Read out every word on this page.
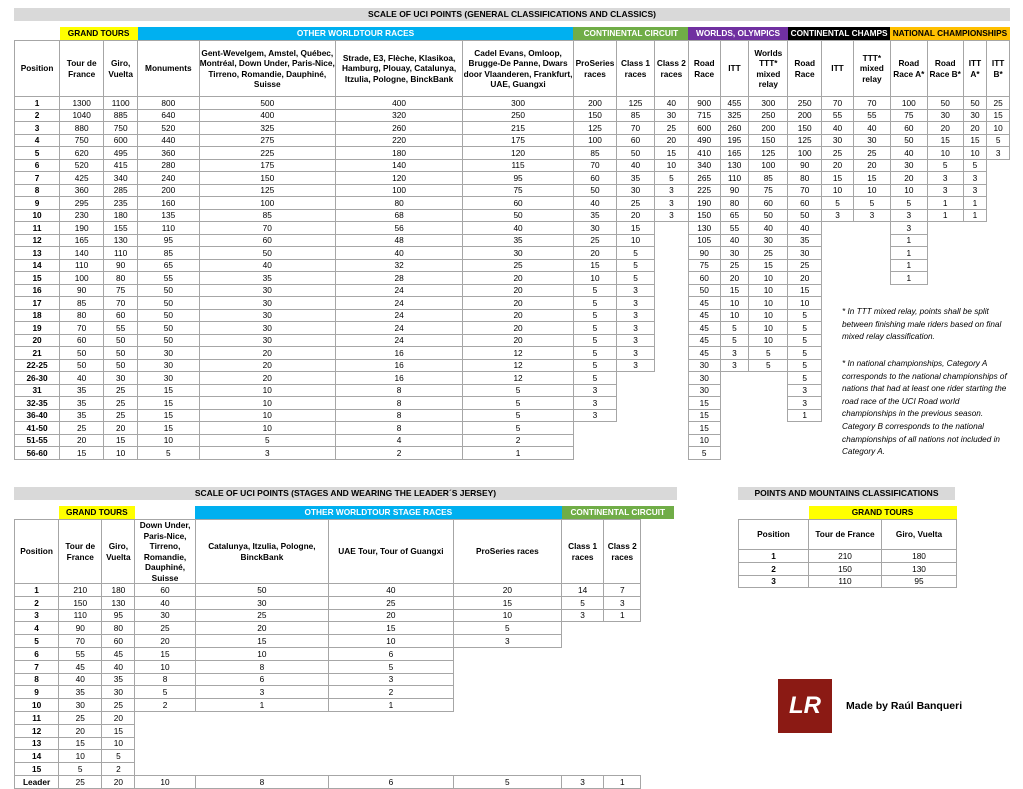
SCALE OF UCI POINTS (GENERAL CLASSIFICATIONS AND CLASSICS)
	GRAND TOURS		OTHER WORLDTOUR RACES				CONTINENTAL CIRCUIT			WORLDS, OLYMPICS			CONTINENTAL CHAMPS			NATIONAL CHAMPIONSHIPS			
Position	Tour de France	Giro, Vuelta	Monuments	Gent-Wevelgem, Amstel, Québec, Montréal, Down Under, Paris-Nice, Tirreno, Romandie, Dauphiné, Suisse	Strade, E3, Flèche, Klasikoa, Hamburg, Plouay, Catalunya, Itzulia, Pologne, BinckBank	Cadel Evans, Omloop, Brugge-De Panne, Dwars door Vlaanderen, Frankfurt, UAE, Guangxi	ProSeries races	Class 1 races	Class 2 races	Road Race	ITT	Worlds TTT* mixed relay	Road Race	ITT	TTT* mixed relay	Road Race A*	Road Race B*	ITT A*	ITT B*
1	1300	1100	800	500	400	300	200	125	40	900	455	300	250	70	70	100	50	50	25
2	1040	885	640	400	320	250	150	85	30	715	325	250	200	55	55	75	30	30	15
3	880	750	520	325	260	215	125	70	25	600	260	200	150	40	40	60	20	20	10
4	750	600	440	275	220	175	100	60	20	490	195	150	125	30	30	50	15	15	5
5	620	495	360	225	180	120	85	50	15	410	165	125	100	25	25	40	10	10	3
6	520	415	280	175	140	115	70	40	10	340	130	100	90	20	20	30	5	5	
7	425	340	240	150	120	95	60	35	5	265	110	85	80	15	15	20	3	3	
8	360	285	200	125	100	75	50	30	3	225	90	75	70	10	10	10	3	3	
9	295	235	160	100	80	60	40	25	3	190	80	60	60	5	5	5	1	1	
10	230	180	135	85	68	50	35	20	3	150	65	50	50	3	3	3	1	1	
11	190	155	110	70	56	40	30	15		130	55	40	40			3			
12	165	130	95	60	48	35	25	10		105	40	30	35			1			
13	140	110	85	50	40	30	20	5		90	30	25	30			1			
14	110	90	65	40	32	25	15	5		75	25	15	25			1			
15	100	80	55	35	28	20	10	5		60	20	10	20			1			
16	90	75	50	30	24	20	5	3		50	15	10	15						
17	85	70	50	30	24	20	5	3		45	10	10	10						
18	80	60	50	30	24	20	5	3		45	10	10	5						
19	70	55	50	30	24	20	5	3		45	5	10	5						
20	60	50	50	30	24	20	5	3		45	5	10	5						
21	50	50	30	20	16	12	5	3		45	3	5	5						
22-25	50	50	30	20	16	12	5	3		30	3	5	5						
26-30	40	30	30	20	16	12	5			30			5						
31	35	25	15	10	8	5	3			30			3						
32-35	35	25	15	10	8	5	3			15			3						
36-40	35	25	15	10	8	5	3			15			1						
41-50	25	20	15	10	8	5				15									
51-55	20	15	10	5	4	2				10									
56-60	15	10	5	3	2	1				5									
* In TTT mixed relay, points shall be split between finishing male riders based on final mixed relay classification.
* In national championships, Category A corresponds to the national championships of nations that had at least one rider starting the road race of the UCI Road world championships in the previous season. Category B corresponds to the national championships of all nations not included in Category A.
SCALE OF UCI POINTS (STAGES AND WEARING THE LEADER´S JERSEY)
	GRAND TOURS			OTHER WORLDTOUR STAGE RACES			CONTINENTAL CIRCUIT	
Position	Tour de France	Giro, Vuelta	Down Under, Paris-Nice, Tirreno, Romandie, Dauphiné, Suisse	Catalunya, Itzulia, Pologne, BinckBank	UAE Tour, Tour of Guangxi	ProSeries races	Class 1 races	Class 2 races
1	210	180	60	50	40	20	14	7
2	150	130	40	30	25	15	5	3
3	110	95	30	25	20	10	3	1
4	90	80	25	20	15	5		
5	70	60	20	15	10	3		
6	55	45	15	10	6			
7	45	40	10	8	5			
8	40	35	8	6	3			
9	35	30	5	3	2			
10	30	25	2	1	1			
11	25	20						
12	20	15						
13	15	10						
14	10	5						
15	5	2						
Leader	25	20	10	8	6	5	3	1
POINTS AND MOUNTAINS CLASSIFICATIONS
	GRAND TOURS	
Position	Tour de France	Giro, Vuelta
1	210	180
2	150	130
3	110	95
LR	Made by Raúl Banqueri
